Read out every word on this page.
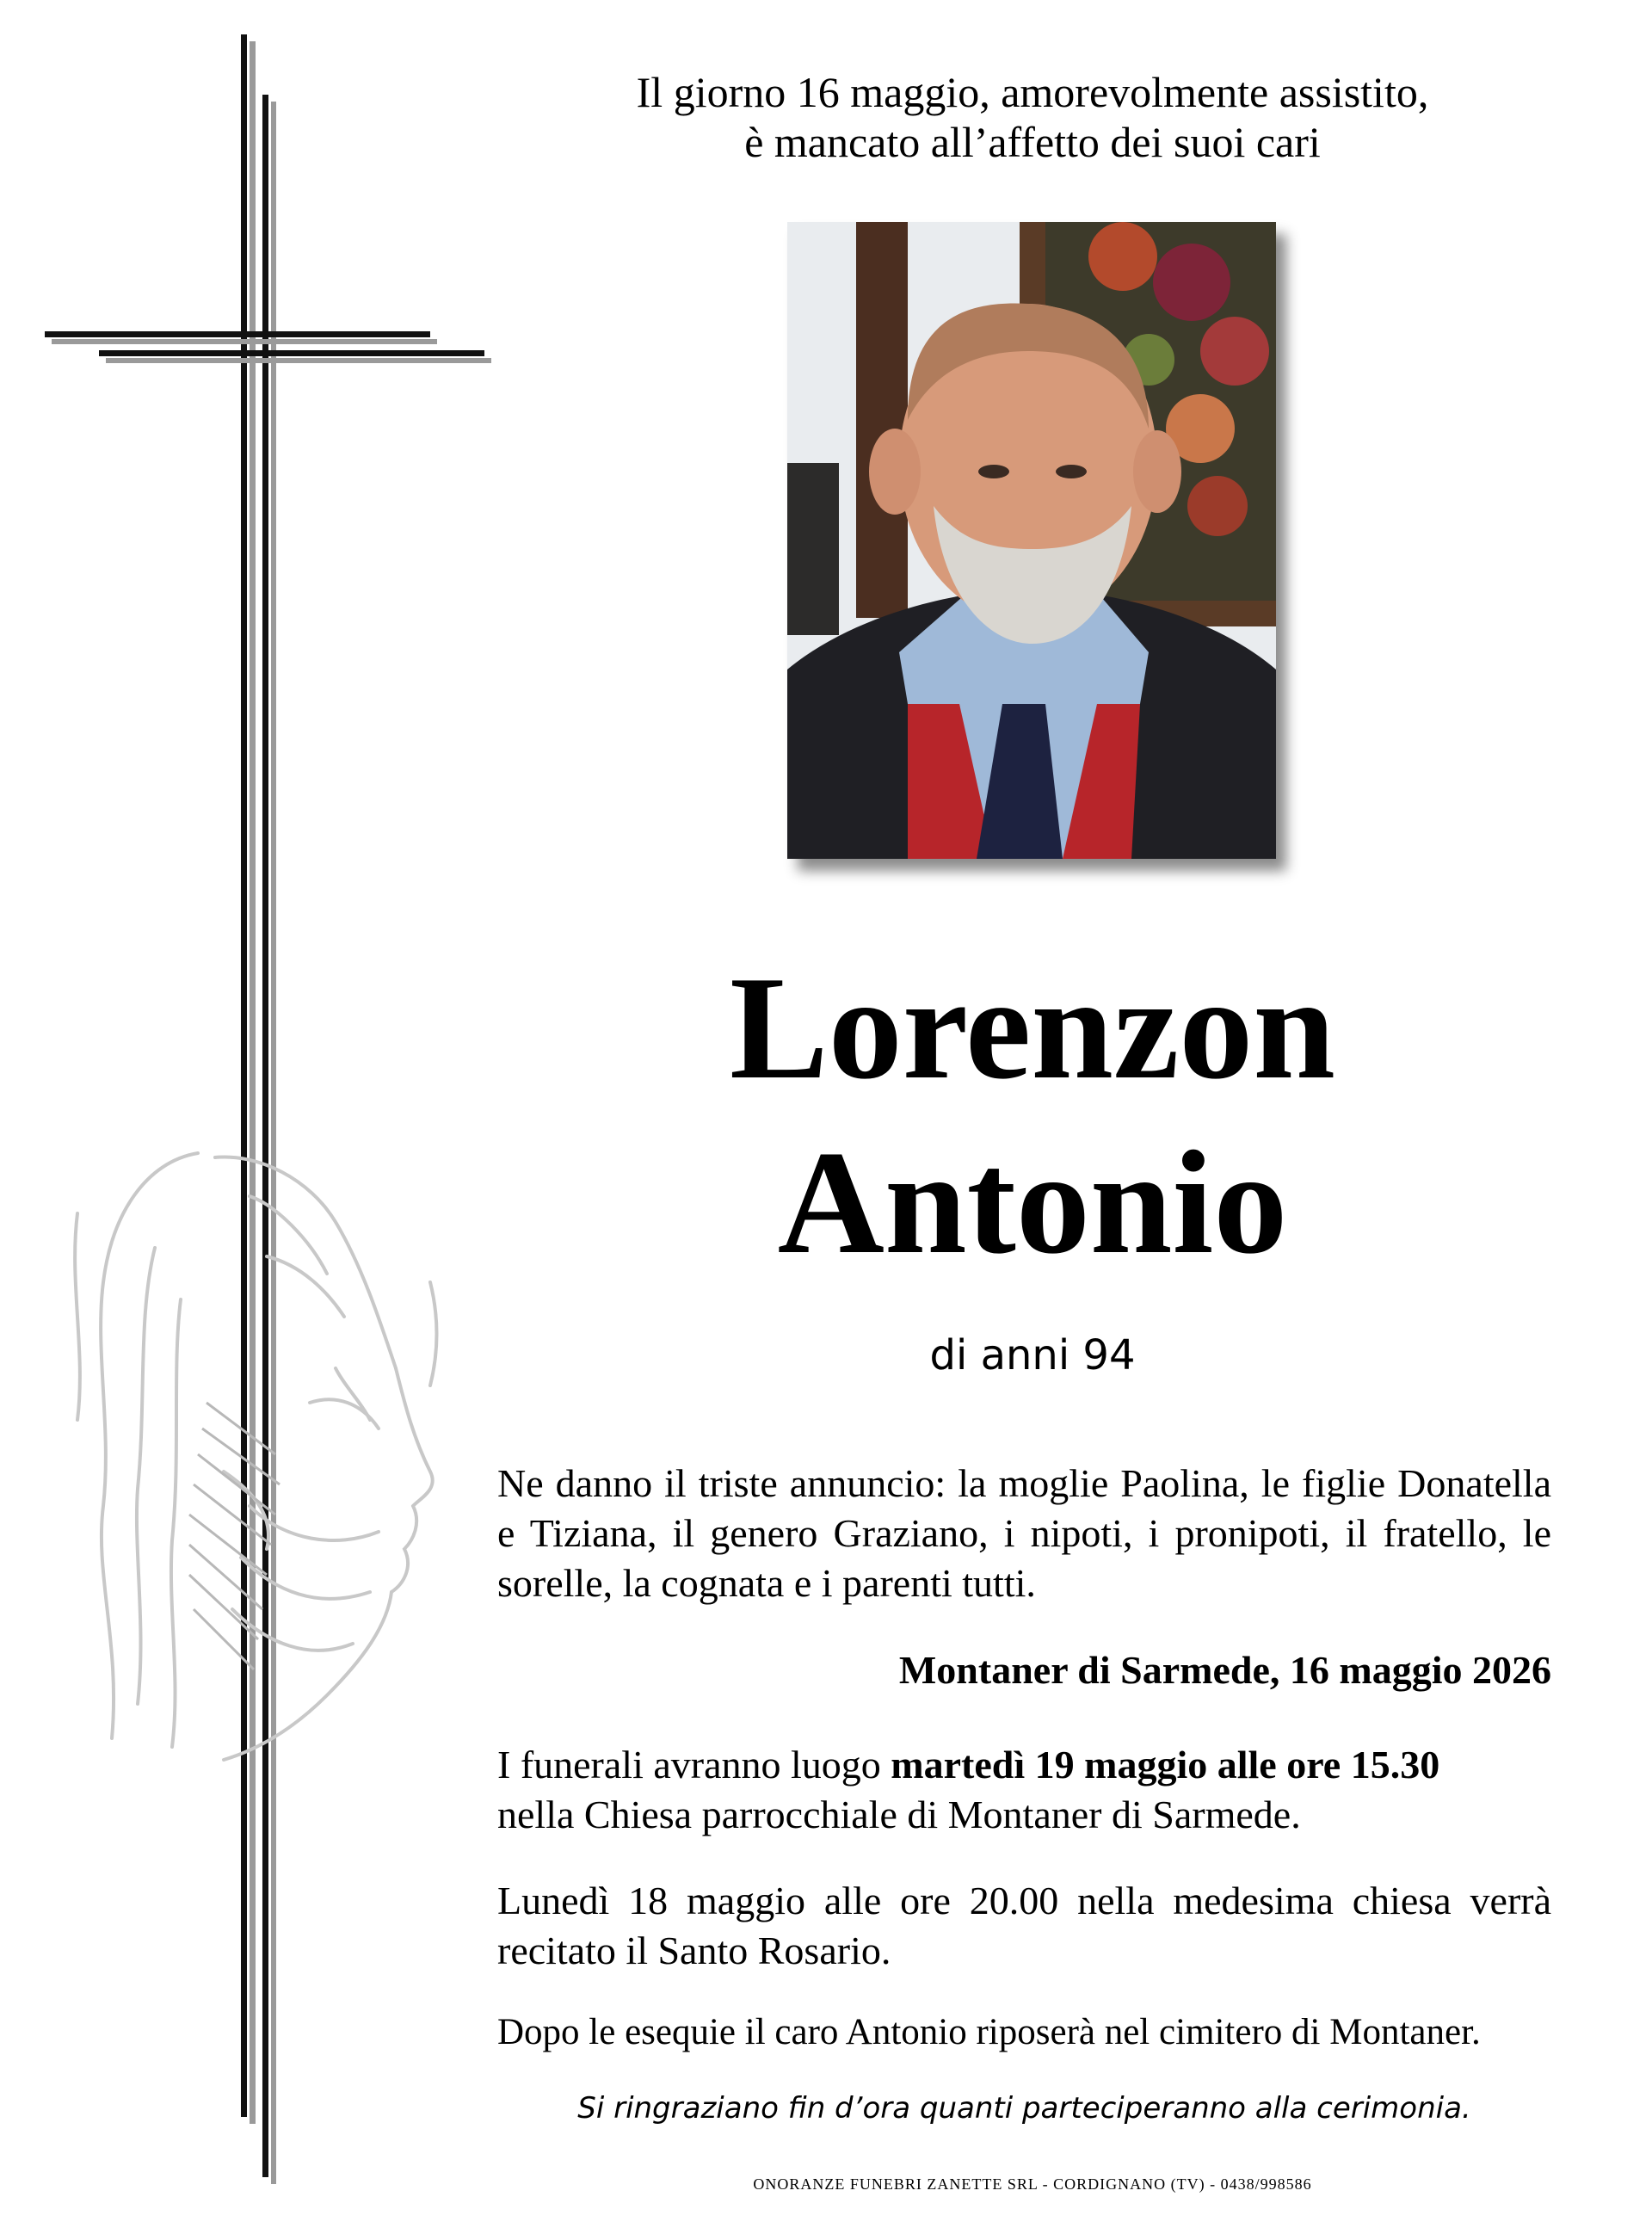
Il giorno 16 maggio, amorevolmente assistito,
è mancato all’affetto dei suoi cari
Lorenzon
Antonio
di anni 94
Ne danno il triste annuncio: la moglie Paolina, le figlie Donatella e Tiziana, il genero Graziano, i nipoti, i pronipoti, il fratello, le sorelle, la cognata e i parenti tutti.
Montaner di Sarmede, 16 maggio 2026
I funerali avranno luogo martedì 19 maggio alle ore 15.30
nella Chiesa parrocchiale di Montaner di Sarmede.
Lunedì 18 maggio alle ore 20.00 nella medesima chiesa verrà recitato il Santo Rosario.
Dopo le esequie il caro Antonio riposerà nel cimitero di Montaner.
Si ringraziano fin d’ora quanti parteciperanno alla cerimonia.
ONORANZE FUNEBRI ZANETTE SRL - CORDIGNANO (TV) - 0438/998586
